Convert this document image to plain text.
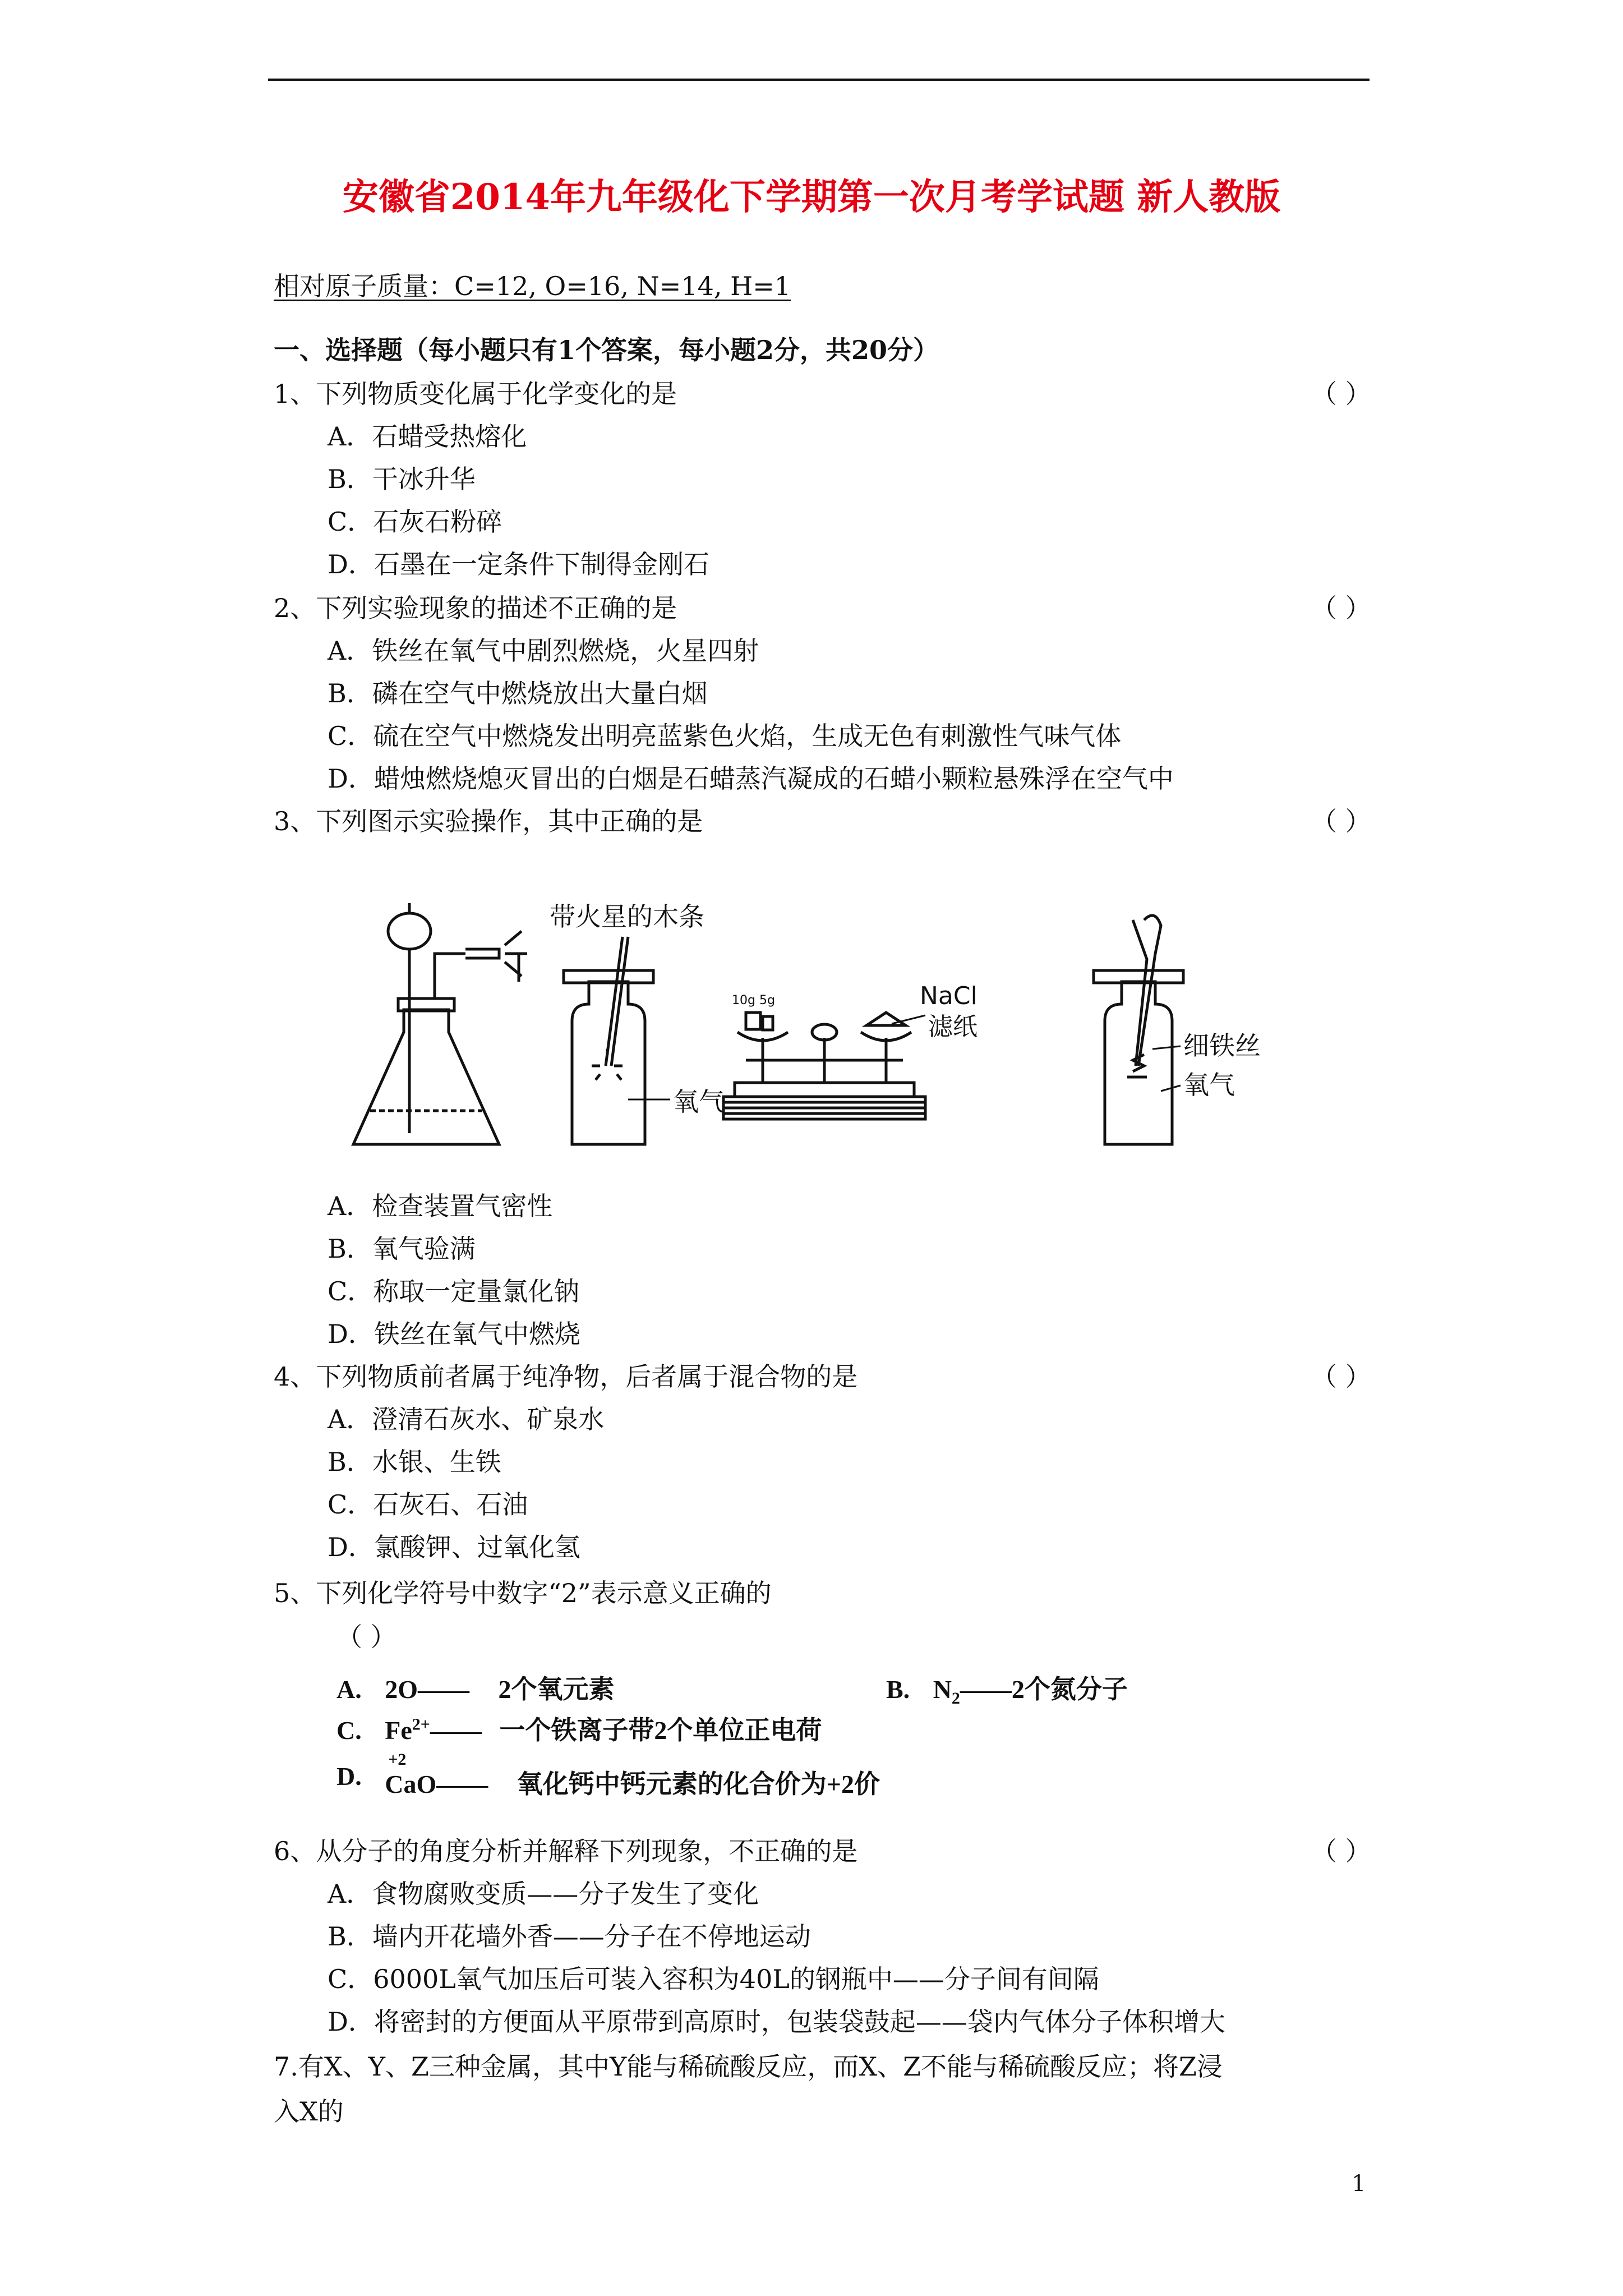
安徽省2014年九年级化下学期第一次月考学试题 新人教版
相对原子质量：C=12, O=16, N=14, H=1
一、选择题（每小题只有1个答案，每小题2分，共20分）
1、下列物质变化属于化学变化的是	（ ）
A．石蜡受热熔化
B．干冰升华
C．石灰石粉碎
D．石墨在一定条件下制得金刚石
2、下列实验现象的描述不正确的是	（ ）
A．铁丝在氧气中剧烈燃烧，火星四射
B．磷在空气中燃烧放出大量白烟
C．硫在空气中燃烧发出明亮蓝紫色火焰，生成无色有刺激性气味气体
D．蜡烛燃烧熄灭冒出的白烟是石蜡蒸汽凝成的石蜡小颗粒悬殊浮在空气中
3、下列图示实验操作，其中正确的是	（ ）
带火星的木条
氧气
10g 5g	NaCl
滤纸
细铁丝
氧气
A．检查装置气密性
B．氧气验满
C．称取一定量氯化钠
D．铁丝在氧气中燃烧
4、下列物质前者属于纯净物，后者属于混合物的是	（ ）
A．澄清石灰水、矿泉水
B．水银、生铁
C．石灰石、石油
D．氯酸钾、过氧化氢
5、下列化学符号中数字“2”表示意义正确的
（ ）
A. 2O—— 2个氧元素	B. $N_2——2$个氮分子
C. $Fe^{2+}——$ 一个铁离子带2个单位正电荷
D.
+2
CaO—— 氧化钙中钙元素的化合价为+2价
6、从分子的角度分析并解释下列现象，不正确的是	（ ）
A．食物腐败变质——分子发生了变化
B．墙内开花墙外香——分子在不停地运动
C．6000L氧气加压后可装入容积为40L的钢瓶中——分子间有间隔
D．将密封的方便面从平原带到高原时，包装袋鼓起——袋内气体分子体积增大
7.有X、Y、Z三种金属，其中Y能与稀硫酸反应，而X、Z不能与稀硫酸反应；将Z浸
入X的
1
